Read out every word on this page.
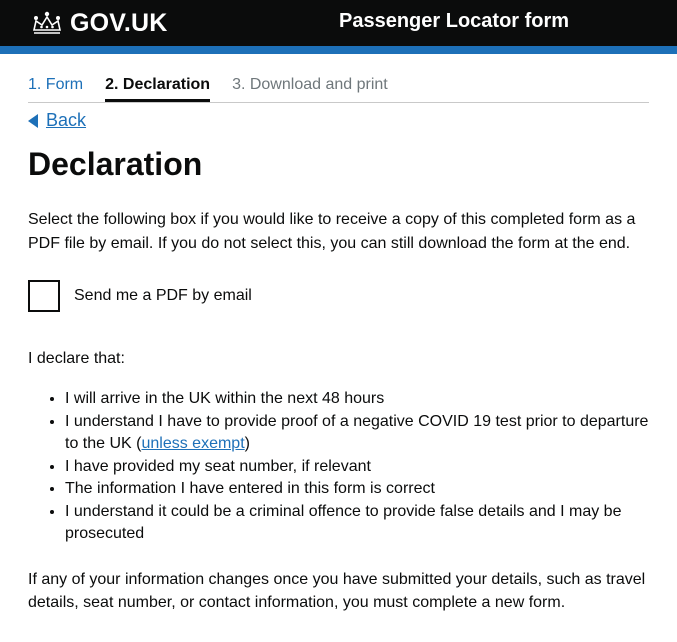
GOV.UK	Passenger Locator form
1. Form 2. Declaration 3. Download and print
Back
Declaration

Select the following box if you would like to receive a copy of this completed form as a PDF file by email. If you do not select this, you can still download the form at the end.

Send me a PDF by email
I declare that:
• I will arrive in the UK within the next 48 hours
• I understand I have to provide proof of a negative COVID 19 test prior to departure to the UK (unless exempt)
• I have provided my seat number, if relevant
• The information I have entered in this form is correct
• I understand it could be a criminal offence to provide false details and I may be prosecuted

If any of your information changes once you have submitted your details, such as travel details, seat number, or contact information, you must complete a new form.
